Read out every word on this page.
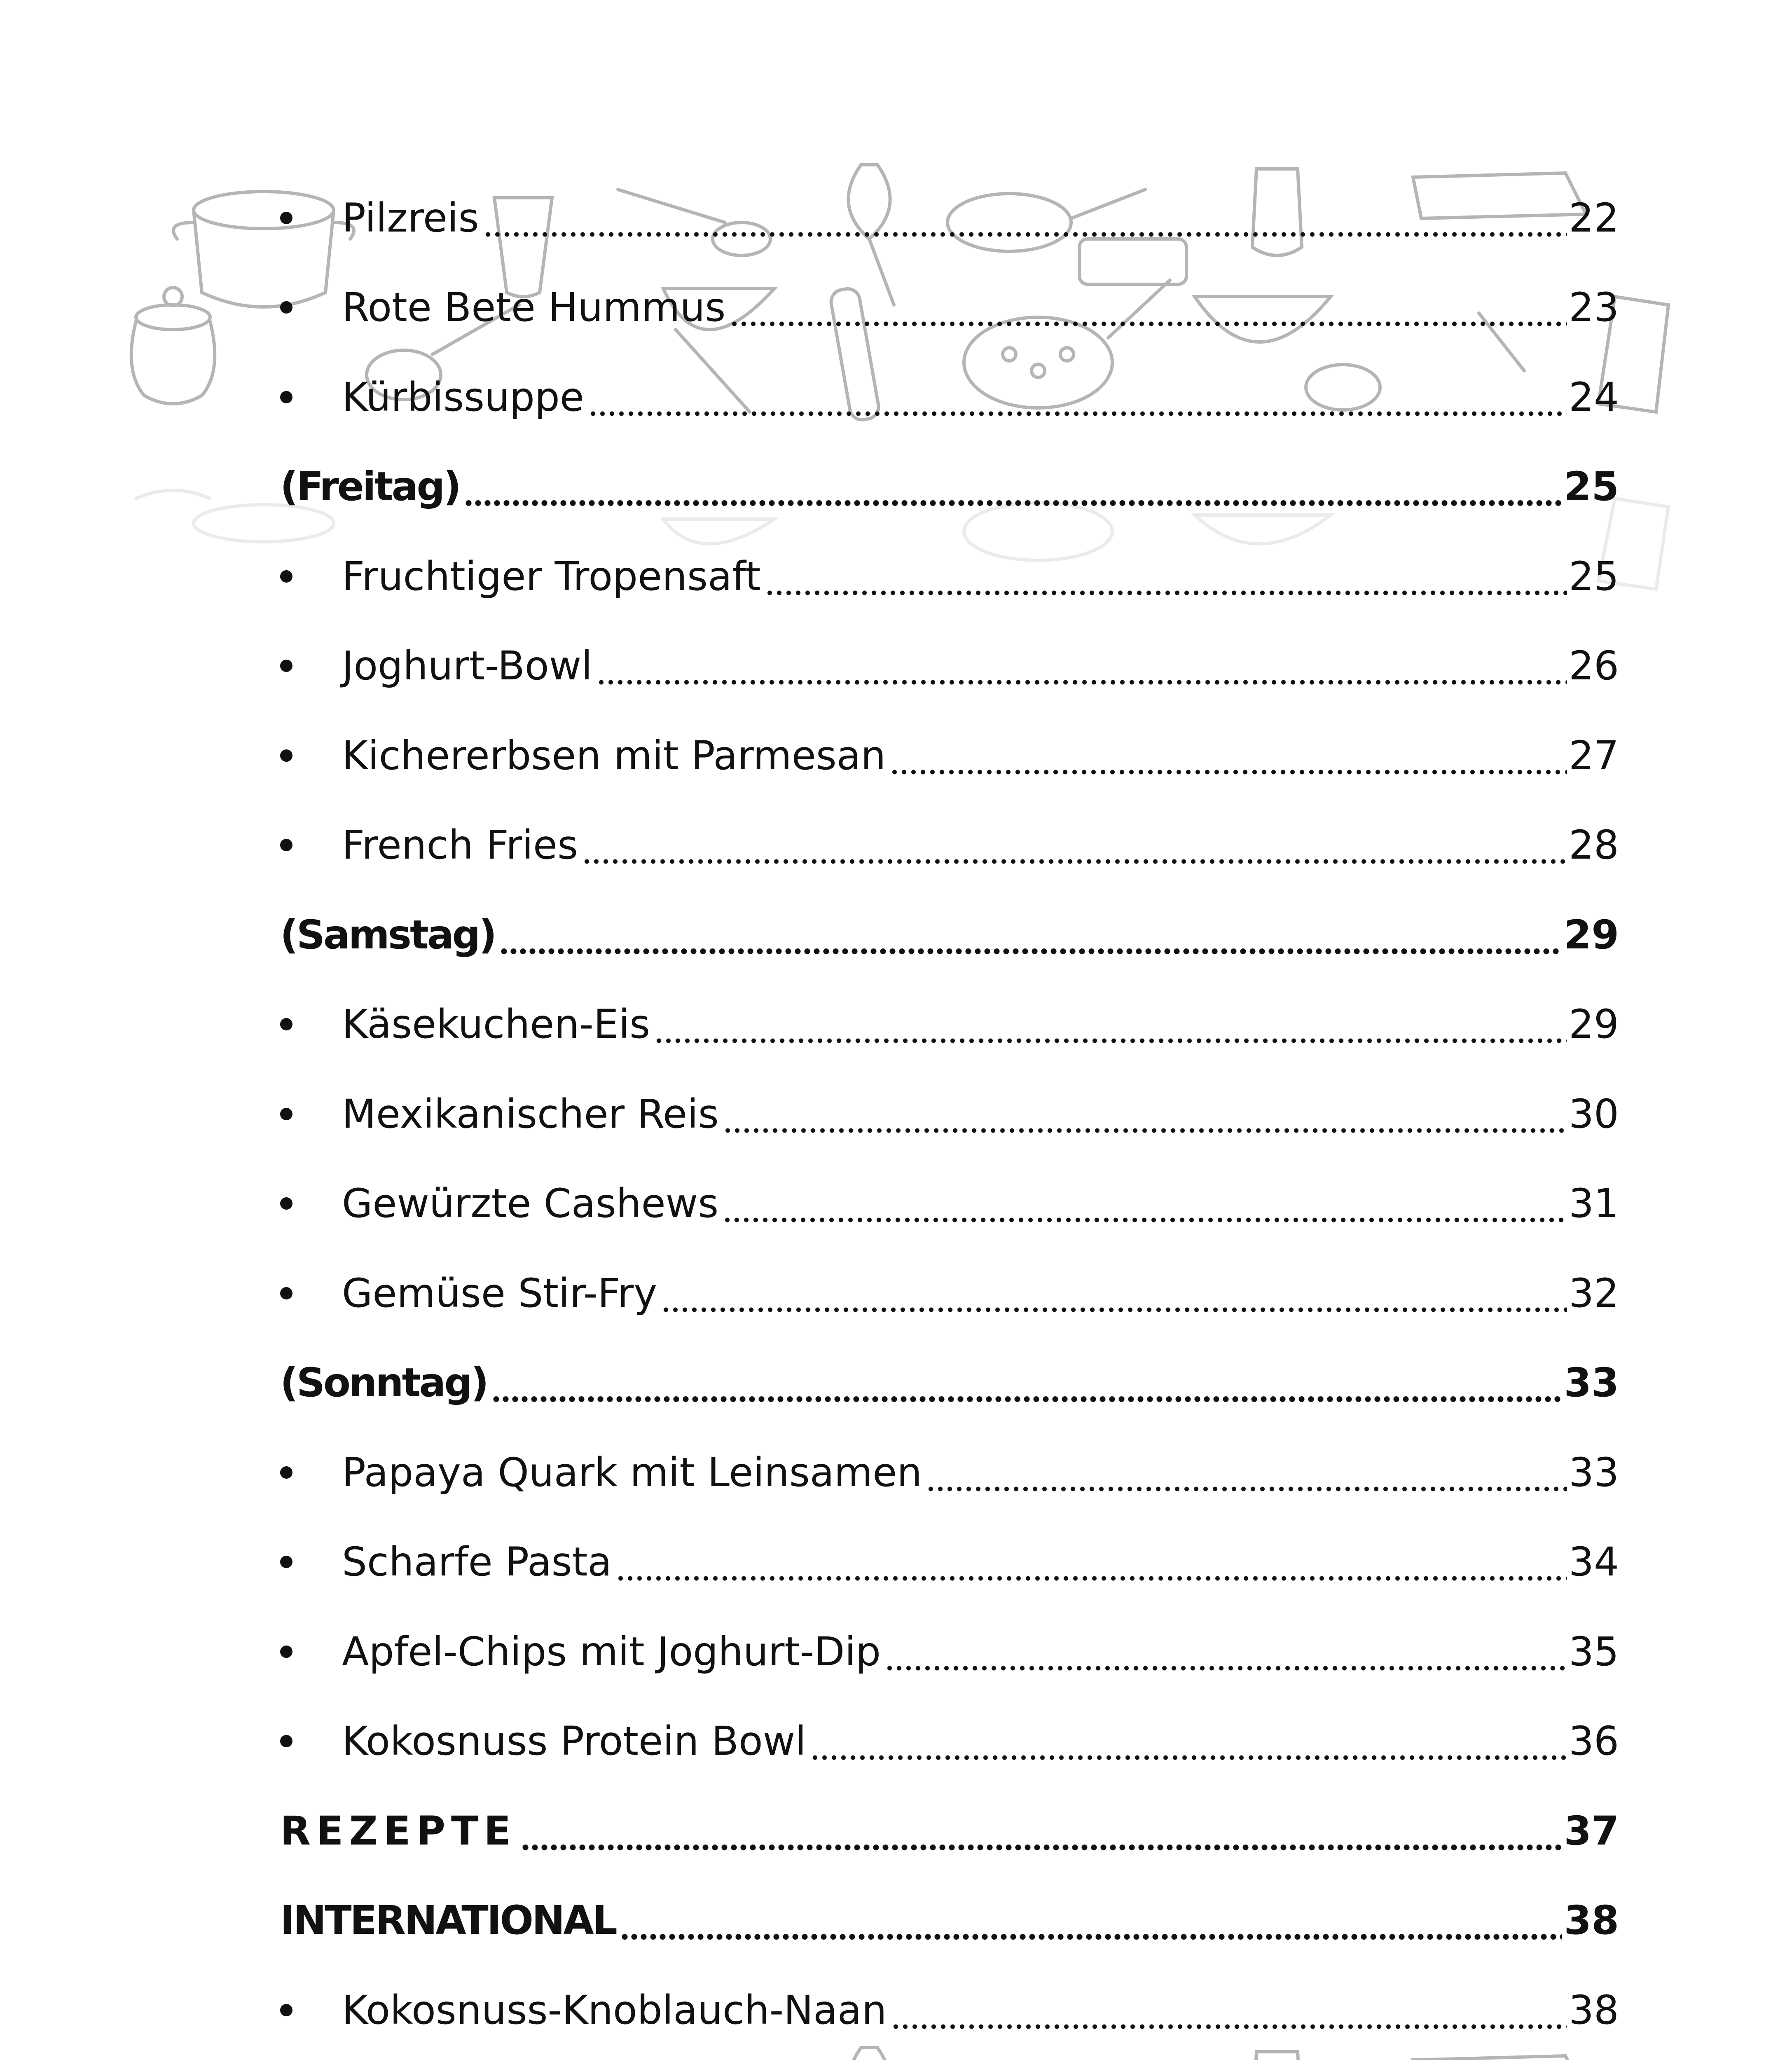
Pilzreis	22
Rote Bete Hummus	23
Kürbissuppe	24
(Freitag)	25
Fruchtiger Tropensaft	25
Joghurt-Bowl	26
Kichererbsen mit Parmesan	27
French Fries	28
(Samstag)	29
Käsekuchen-Eis	29
Mexikanischer Reis	30
Gewürzte Cashews	31
Gemüse Stir-Fry	32
(Sonntag)	33
Papaya Quark mit Leinsamen	33
Scharfe Pasta	34
Apfel-Chips mit Joghurt-Dip	35
Kokosnuss Protein Bowl	36
REZEPTE	37
INTERNATIONAL	38
Kokosnuss-Knoblauch-Naan	38
